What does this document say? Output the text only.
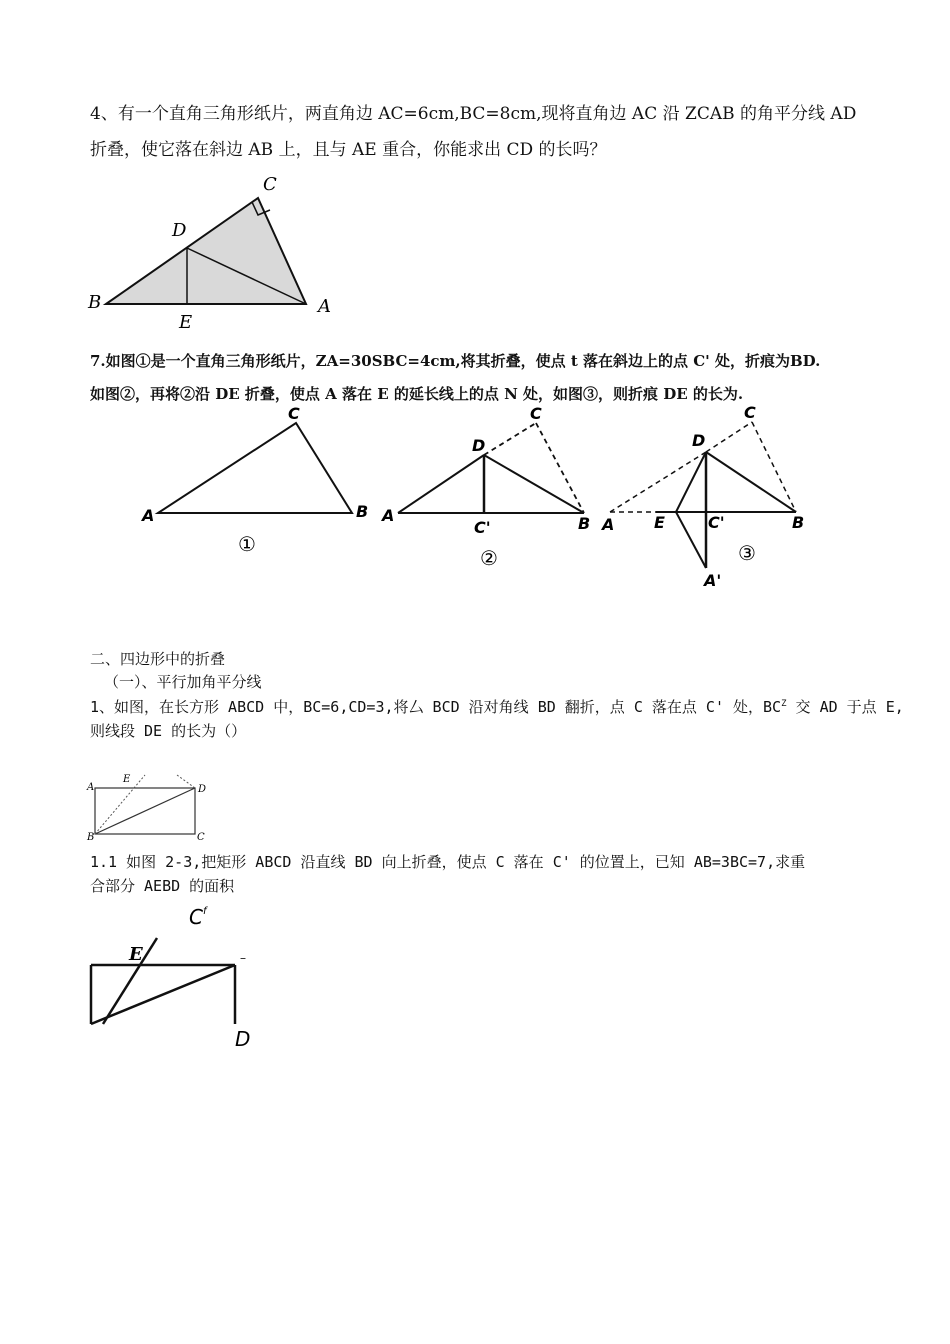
4、有一个直角三角形纸片，两直角边 AC=6cm,BC=8cm,现将直角边 AC 沿 ZCAB 的角平分线 AD
折叠，使它落在斜边 AB 上，且与 AE 重合，你能求出 CD 的长吗？
C
D
B	A
E
7.如图①是一个直角三角形纸片，ZA=30SBC=4cm,将其折叠，使点 t 落在斜边上的点 C' 处，折痕为BD.
如图②，再将②沿 DE 折叠，使点 A 落在 E 的延长线上的点 N 处，如图③，则折痕 DE 的长为.
C
A	B
①
C
D
A	B
C'
②
C
D
A E	C'	B
A'
③
二、四边形中的折叠
（一）、平行加角平分线
1、如图，在长方形 ABCD 中，BC=6,CD=3,将厶 BCD 沿对角线 BD 翻折，点 C 落在点 C' 处，$BC^Z$ 交 AD 于点 E,
则线段 DE 的长为（）
A
E
D
B	C
1.1 如图 2-3,把矩形 ABCD 沿直线 BD 向上折叠，使点 C 落在 C' 的位置上，已知 AB=3BC=7,求重
合部分 AEBD 的面积
$C^f$
E	–
D
